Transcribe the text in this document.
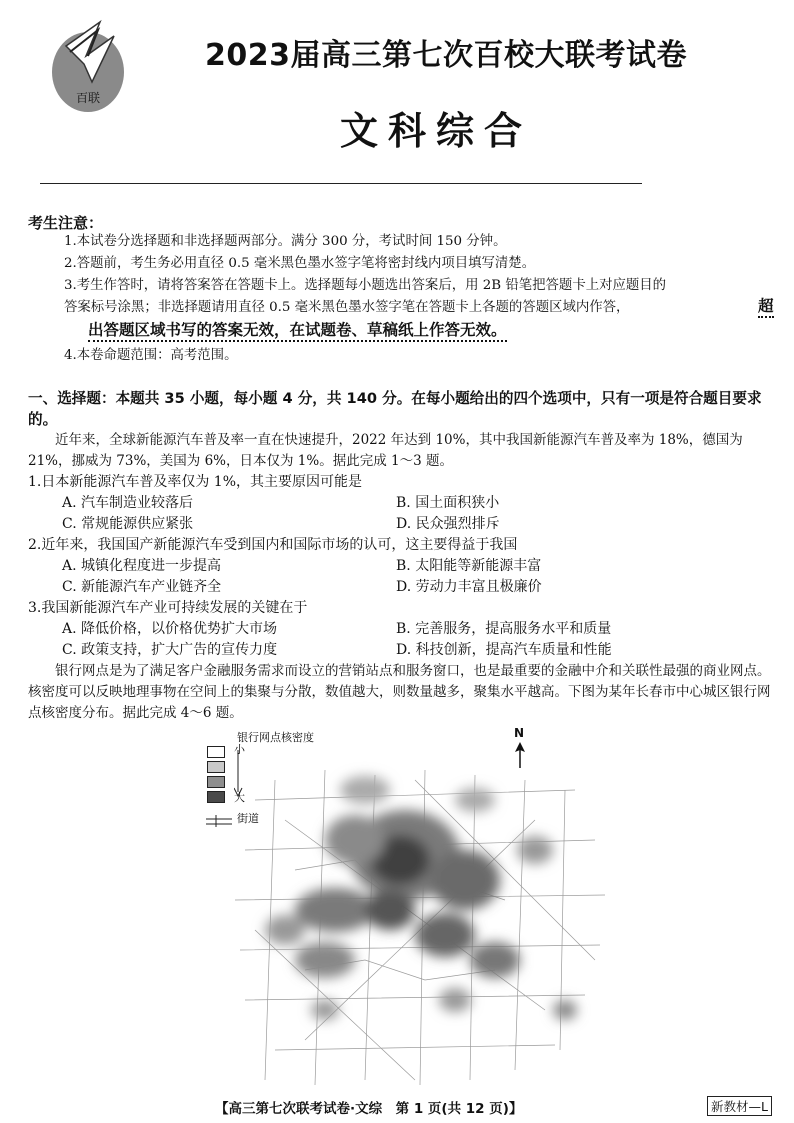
百联
2023届高三第七次百校大联考试卷
文科综合
考生注意：
1.本试卷分选择题和非选择题两部分。满分 300 分，考试时间 150 分钟。
2.答题前，考生务必用直径 0.5 毫米黑色墨水签字笔将密封线内项目填写清楚。
3.考生作答时，请将答案答在答题卡上。选择题每小题选出答案后，用 2B 铅笔把答题卡上对应题目的
答案标号涂黑；非选择题请用直径 0.5 毫米黑色墨水签字笔在答题卡上各题的答题区域内作答，	超
出答题区域书写的答案无效，在试题卷、草稿纸上作答无效。
4.本卷命题范围：高考范围。
一、选择题：本题共 35 小题，每小题 4 分，共 140 分。在每小题给出的四个选项中，只有一项是符合题目要求的。
近年来，全球新能源汽车普及率一直在快速提升，2022 年达到 10%，其中我国新能源汽车普及率为 18%，德国为 21%，挪威为 73%，美国为 6%，日本仅为 1%。据此完成 1～3 题。
1.日本新能源汽车普及率仅为 1%，其主要原因可能是
A. 汽车制造业较落后	B. 国土面积狭小
C. 常规能源供应紧张	D. 民众强烈排斥
2.近年来，我国国产新能源汽车受到国内和国际市场的认可，这主要得益于我国
A. 城镇化程度进一步提高	B. 太阳能等新能源丰富
C. 新能源汽车产业链齐全	D. 劳动力丰富且极廉价
3.我国新能源汽车产业可持续发展的关键在于
A. 降低价格，以价格优势扩大市场	B. 完善服务，提高服务水平和质量
C. 政策支持，扩大广告的宣传力度	D. 科技创新，提高汽车质量和性能
银行网点是为了满足客户金融服务需求而设立的营销站点和服务窗口，也是最重要的金融中介和关联性最强的商业网点。核密度可以反映地理事物在空间上的集聚与分散，数值越大，则数量越多，聚集水平越高。下图为某年长春市中心城区银行网点核密度分布。据此完成 4～6 题。
银行网点核密度
小
大
街道
N
【高三第七次联考试卷·文综　第 1 页(共 12 页)】	新教材—L
